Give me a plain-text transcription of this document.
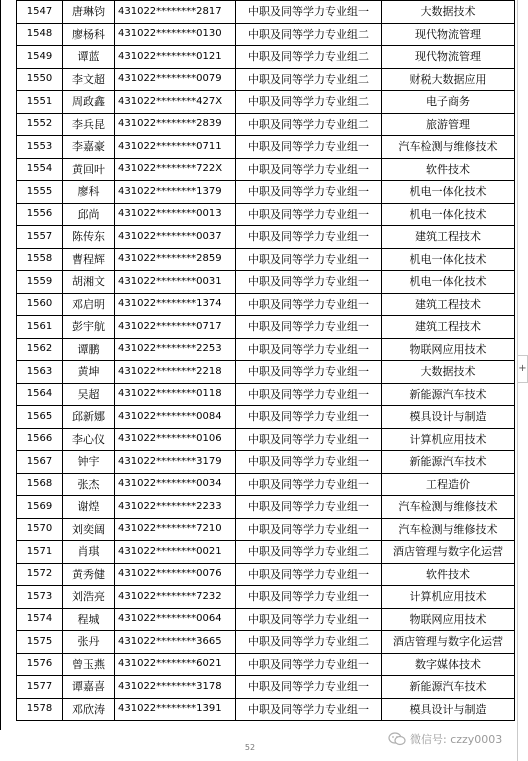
+
1547	唐琳钧	431022********2817	中职及同等学力专业组一	大数据技术
1548	廖杨科	431022********0130	中职及同等学力专业组二	现代物流管理
1549	谭蓝	431022********0121	中职及同等学力专业组二	现代物流管理
1550	李文超	431022********0079	中职及同等学力专业组二	财税大数据应用
1551	周政鑫	431022********427X	中职及同等学力专业组二	电子商务
1552	李兵昆	431022********2839	中职及同等学力专业组二	旅游管理
1553	李嘉豪	431022********0711	中职及同等学力专业组一	汽车检测与维修技术
1554	黄回叶	431022********722X	中职及同等学力专业组一	软件技术
1555	廖科	431022********1379	中职及同等学力专业组一	机电一体化技术
1556	邱尚	431022********0013	中职及同等学力专业组一	机电一体化技术
1557	陈传东	431022********0037	中职及同等学力专业组一	建筑工程技术
1558	曹程辉	431022********2859	中职及同等学力专业组一	机电一体化技术
1559	胡湘文	431022********0031	中职及同等学力专业组一	机电一体化技术
1560	邓启明	431022********1374	中职及同等学力专业组一	建筑工程技术
1561	彭宇航	431022********0717	中职及同等学力专业组一	建筑工程技术
1562	谭鹏	431022********2253	中职及同等学力专业组一	物联网应用技术
1563	黄坤	431022********2218	中职及同等学力专业组一	大数据技术
1564	吴超	431022********0118	中职及同等学力专业组一	新能源汽车技术
1565	邱新娜	431022********0084	中职及同等学力专业组一	模具设计与制造
1566	李心仪	431022********0106	中职及同等学力专业组一	计算机应用技术
1567	钟宇	431022********3179	中职及同等学力专业组一	新能源汽车技术
1568	张杰	431022********0034	中职及同等学力专业组一	工程造价
1569	谢煌	431022********2233	中职及同等学力专业组一	汽车检测与维修技术
1570	刘奕阔	431022********7210	中职及同等学力专业组一	汽车检测与维修技术
1571	肖琪	431022********0021	中职及同等学力专业组二	酒店管理与数字化运营
1572	黄秀健	431022********0076	中职及同等学力专业组一	软件技术
1573	刘浩亮	431022********7232	中职及同等学力专业组一	计算机应用技术
1574	程城	431022********0064	中职及同等学力专业组一	物联网应用技术
1575	张丹	431022********3665	中职及同等学力专业组二	酒店管理与数字化运营
1576	曾玉燕	431022********6021	中职及同等学力专业组一	数字媒体技术
1577	谭嘉喜	431022********3178	中职及同等学力专业组一	新能源汽车技术
1578	邓欣涛	431022********1391	中职及同等学力专业组一	模具设计与制造
52
微信号: czzy0003
